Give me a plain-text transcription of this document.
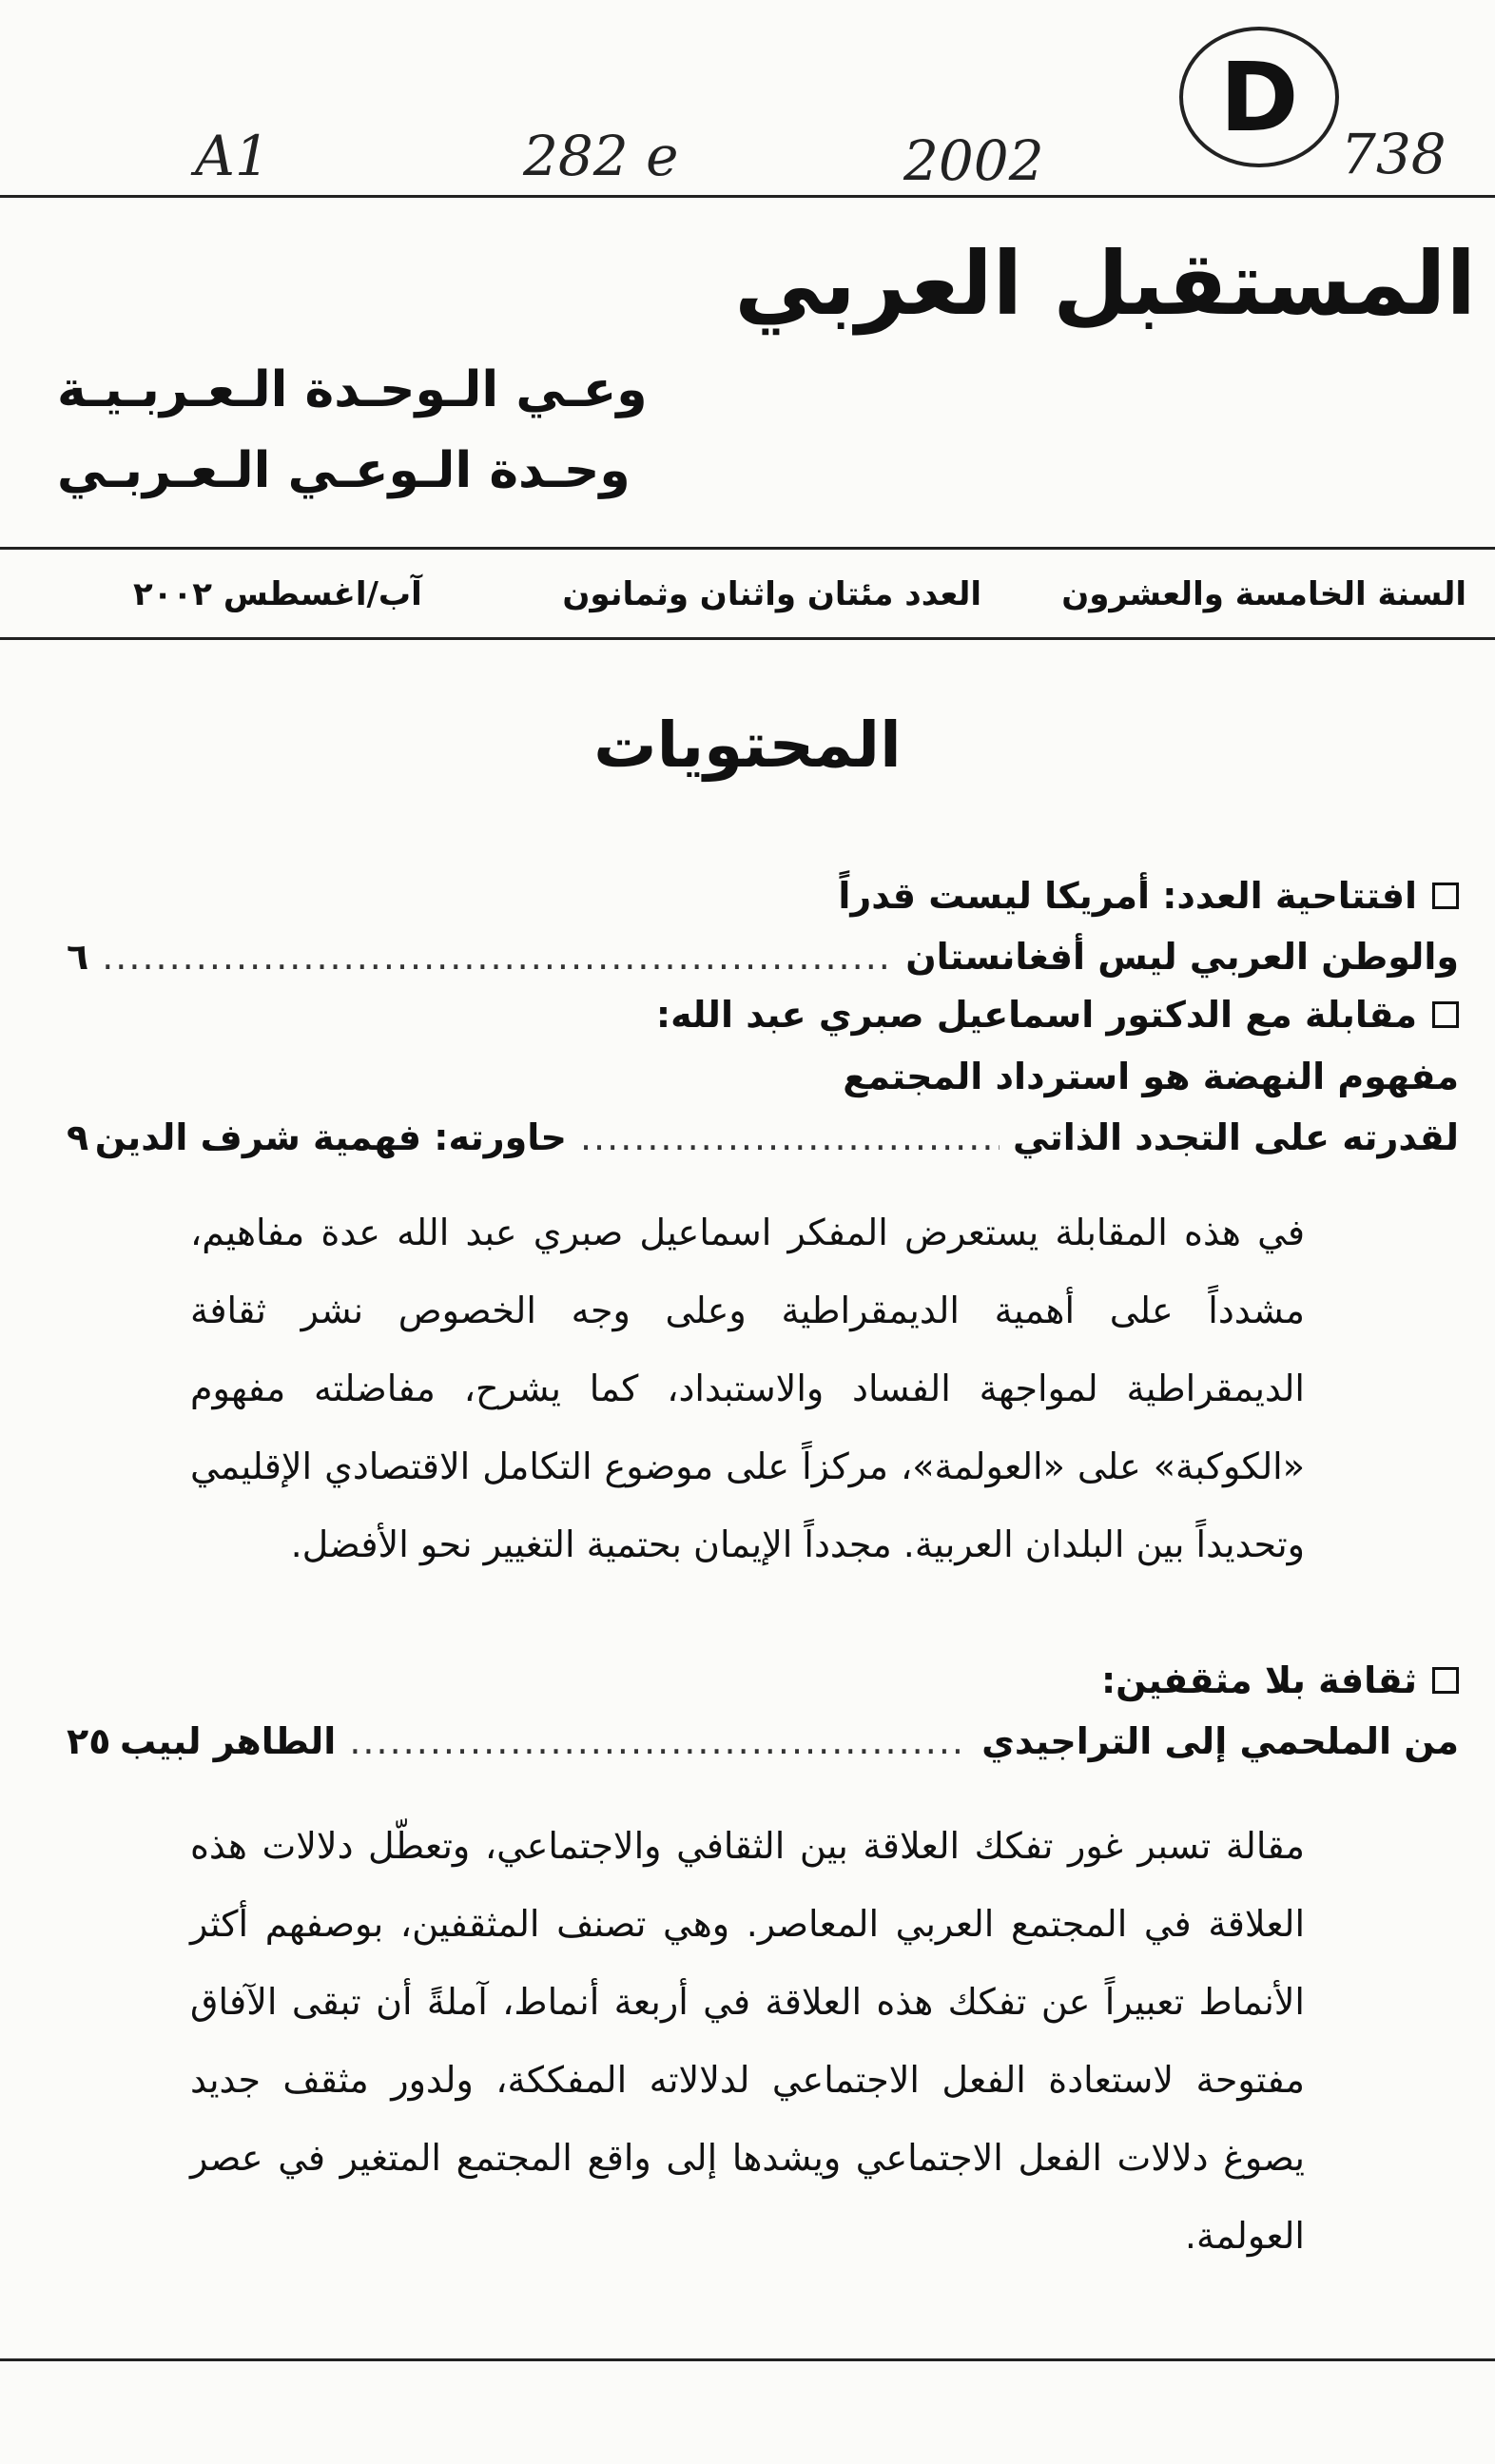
A1	282 e	2002
D
738
المستقبل العربي
وعـي الـوحـدة الـعـربـيـة
وحـدة الـوعـي الـعـربـي
السنة الخامسة والعشرون
العدد مئتان واثنان وثمانون
آب/اغسطس ٢٠٠٢
المحتويات
افتتاحية العدد: أمريكا ليست قدراً
والوطن العربي ليس أفغانستان
.....
٦
مقابلة مع الدكتور اسماعيل صبري عبد الله:
مفهوم النهضة هو استرداد المجتمع
لقدرته على التجدد الذاتي
.....
حاورته: فهمية شرف الدين
٩
في هذه المقابلة يستعرض المفكر اسماعيل صبري عبد الله عدة مفاهيم، مشدداً على أهمية الديمقراطية وعلى وجه الخصوص نشر ثقافة الديمقراطية لمواجهة الفساد والاستبداد، كما يشرح، مفاضلته مفهوم «الكوكبة» على «العولمة»، مركزاً على موضوع التكامل الاقتصادي الإقليمي وتحديداً بين البلدان العربية. مجدداً الإيمان بحتمية التغيير نحو الأفضل.
ثقافة بلا مثقفين:
من الملحمي إلى التراجيدي
.....
الطاهر لبيب
٢٥
مقالة تسبر غور تفكك العلاقة بين الثقافي والاجتماعي، وتعطّل دلالات هذه العلاقة في المجتمع العربي المعاصر. وهي تصنف المثقفين، بوصفهم أكثر الأنماط تعبيراً عن تفكك هذه العلاقة في أربعة أنماط، آملةً أن تبقى الآفاق مفتوحة لاستعادة الفعل الاجتماعي لدلالاته المفككة، ولدور مثقف جديد يصوغ دلالات الفعل الاجتماعي ويشدها إلى واقع المجتمع المتغير في عصر العولمة.
